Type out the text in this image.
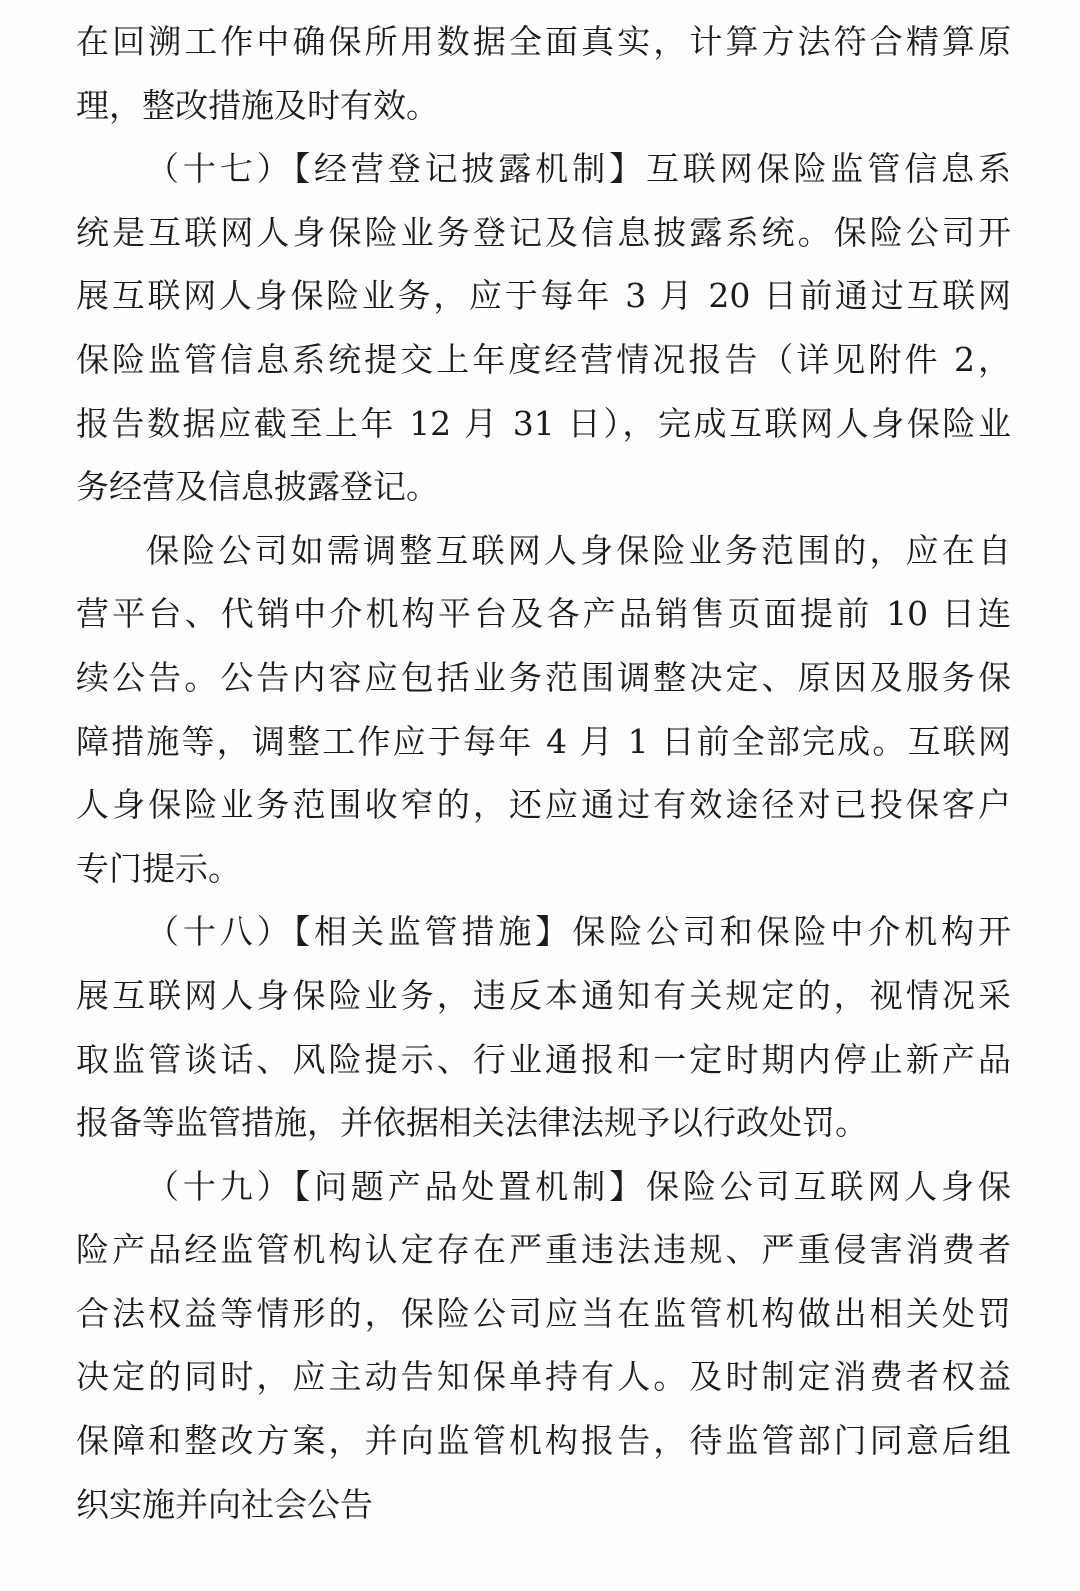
在回溯工作中确保所用数据全面真实，计算方法符合精算原
理，整改措施及时有效。
（十七）【经营登记披露机制】互联网保险监管信息系
统是互联网人身保险业务登记及信息披露系统。保险公司开
展互联网人身保险业务，应于每年 3 月 20 日前通过互联网
保险监管信息系统提交上年度经营情况报告（详见附件 2，
报告数据应截至上年 12 月 31 日），完成互联网人身保险业
务经营及信息披露登记。
保险公司如需调整互联网人身保险业务范围的，应在自
营平台、代销中介机构平台及各产品销售页面提前 10 日连
续公告。公告内容应包括业务范围调整决定、原因及服务保
障措施等，调整工作应于每年 4 月 1 日前全部完成。互联网
人身保险业务范围收窄的，还应通过有效途径对已投保客户
专门提示。
（十八）【相关监管措施】保险公司和保险中介机构开
展互联网人身保险业务，违反本通知有关规定的，视情况采
取监管谈话、风险提示、行业通报和一定时期内停止新产品
报备等监管措施，并依据相关法律法规予以行政处罚。
（十九）【问题产品处置机制】保险公司互联网人身保
险产品经监管机构认定存在严重违法违规、严重侵害消费者
合法权益等情形的，保险公司应当在监管机构做出相关处罚
决定的同时，应主动告知保单持有人。及时制定消费者权益
保障和整改方案，并向监管机构报告，待监管部门同意后组
织实施并向社会公告
